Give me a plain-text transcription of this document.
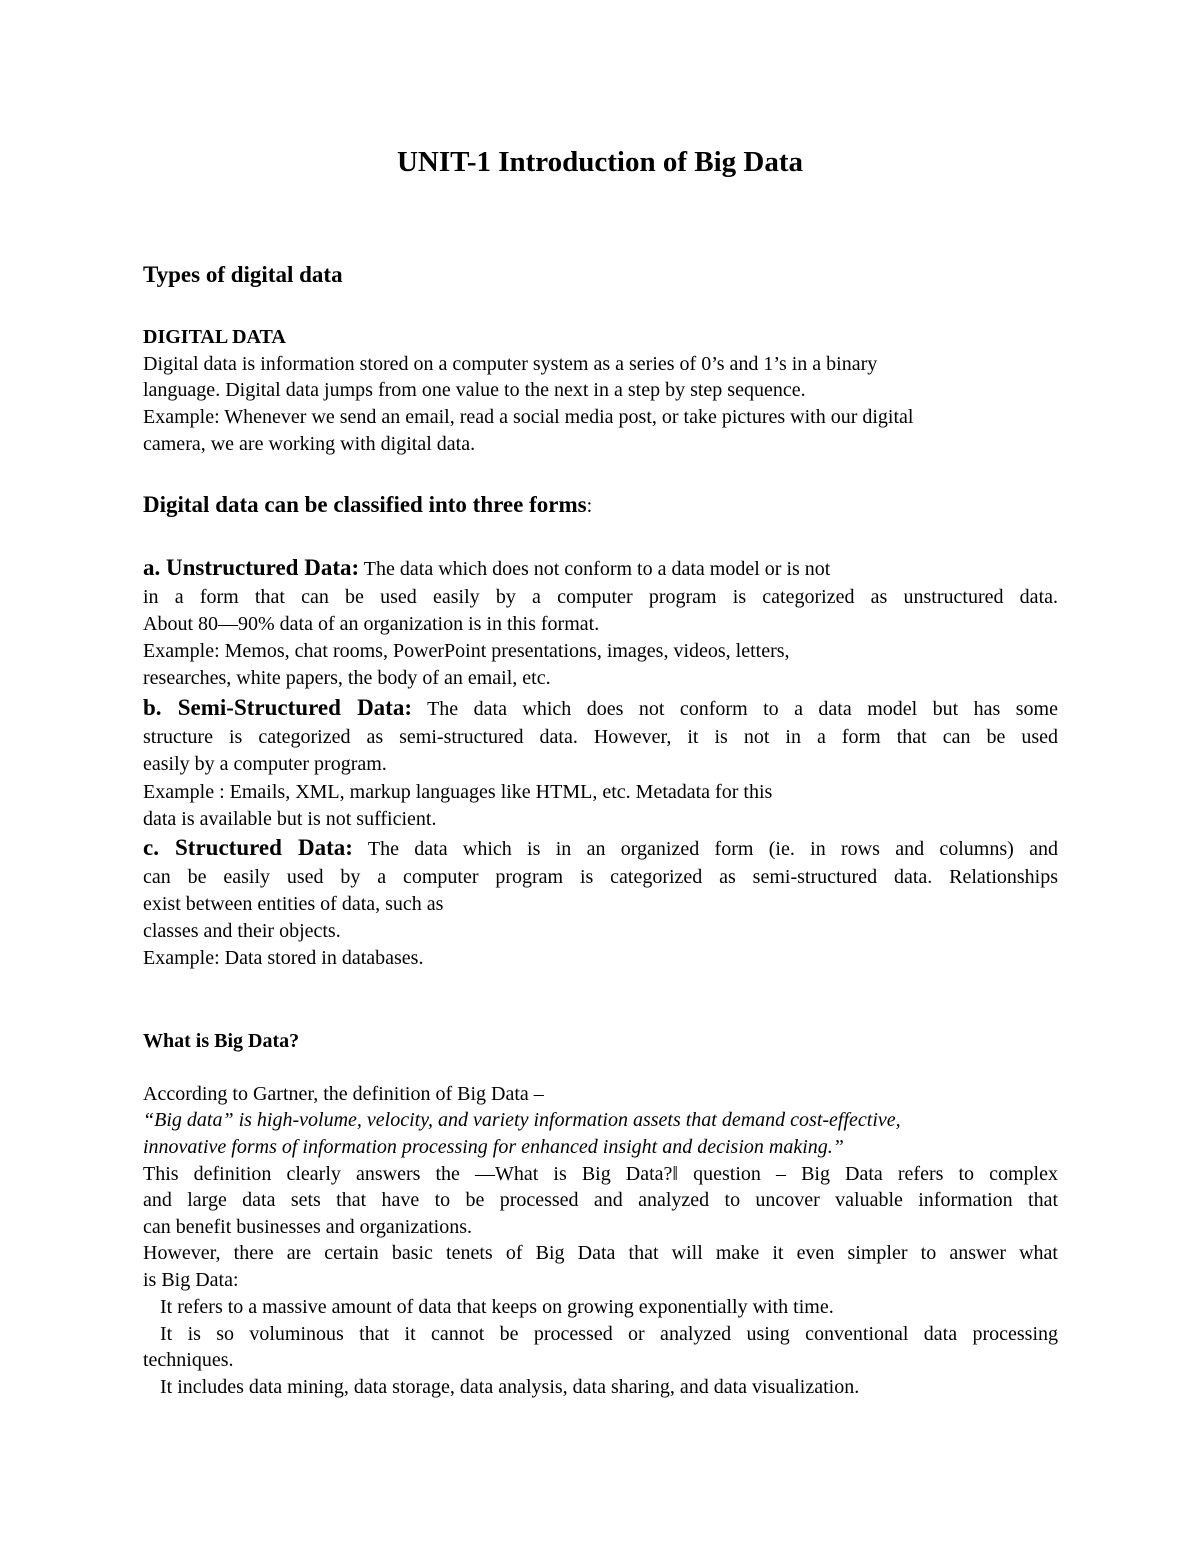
UNIT-1 Introduction of Big Data
Types of digital data
DIGITAL DATA
Digital data is information stored on a computer system as a series of 0’s and 1’s in a binary
language. Digital data jumps from one value to the next in a step by step sequence.
Example: Whenever we send an email, read a social media post, or take pictures with our digital
camera, we are working with digital data.
Digital data can be classified into three forms:
a. Unstructured Data: The data which does not conform to a data model or is not
in a form that can be used easily by a computer program is categorized as unstructured data.
About 80—90% data of an organization is in this format.
Example: Memos, chat rooms, PowerPoint presentations, images, videos, letters,
researches, white papers, the body of an email, etc.
b. Semi-Structured Data: The data which does not conform to a data model but has some
structure is categorized as semi-structured data. However, it is not in a form that can be used
easily by a computer program.
Example : Emails, XML, markup languages like HTML, etc. Metadata for this
data is available but is not sufficient.
c. Structured Data: The data which is in an organized form (ie. in rows and columns) and
can be easily used by a computer program is categorized as semi-structured data. Relationships
exist between entities of data, such as
classes and their objects.
Example: Data stored in databases.
What is Big Data?
According to Gartner, the definition of Big Data –
“Big data” is high-volume, velocity, and variety information assets that demand cost-effective,
innovative forms of information processing for enhanced insight and decision making.”
This definition clearly answers the ―What is Big Data?‖ question – Big Data refers to complex
and large data sets that have to be processed and analyzed to uncover valuable information that
can benefit businesses and organizations.
However, there are certain basic tenets of Big Data that will make it even simpler to answer what
is Big Data:
It refers to a massive amount of data that keeps on growing exponentially with time.
It is so voluminous that it cannot be processed or analyzed using conventional data processing
techniques.
It includes data mining, data storage, data analysis, data sharing, and data visualization.
